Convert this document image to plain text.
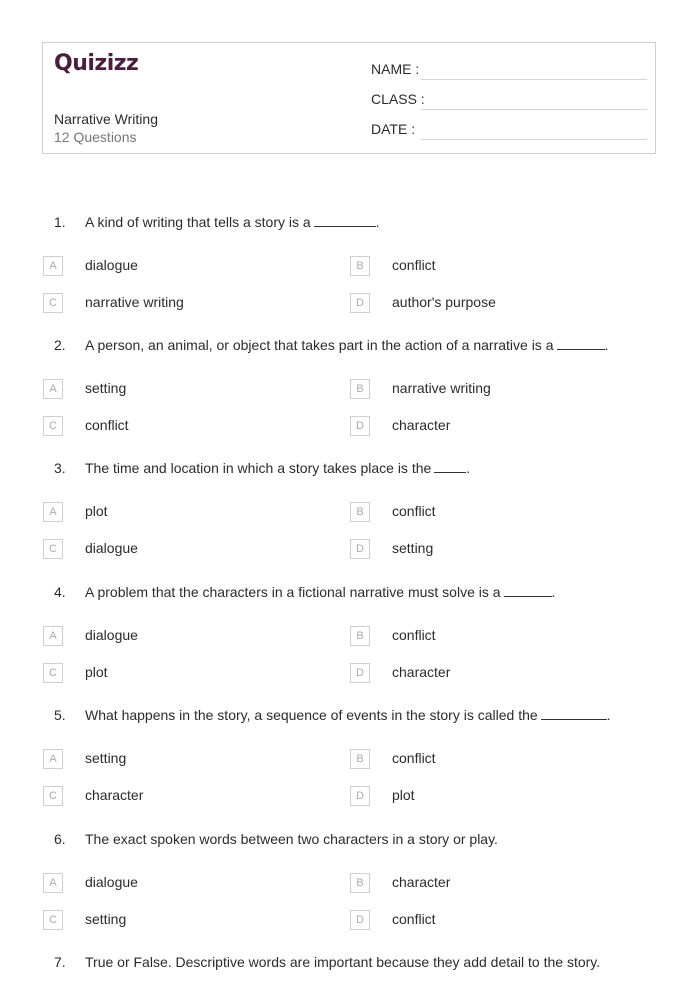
Quizizz
Narrative Writing
12 Questions
NAME :
CLASS :
DATE :
1. A kind of writing that tells a story is a	.
A	dialogue	B	conflict
C	narrative writing	D	author's purpose
2. A person, an animal, or object that takes part in the action of a narrative is a	.
A	setting	B	narrative writing
C	conflict	D	character
3. The time and location in which a story takes place is the	.
A	plot	B	conflict
C	dialogue	D	setting
4. A problem that the characters in a fictional narrative must solve is a	.
A	dialogue	B	conflict
C	plot	D	character
5. What happens in the story, a sequence of events in the story is called the	.
A	setting	B	conflict
C	character	D	plot
6. The exact spoken words between two characters in a story or play.
A	dialogue	B	character
C	setting	D	conflict
7. True or False. Descriptive words are important because they add detail to the story.
